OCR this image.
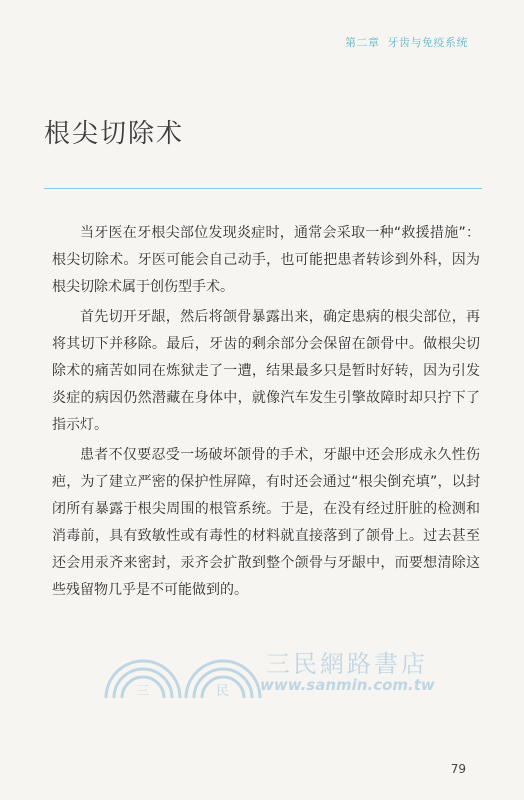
第二章 牙齿与免疫系统
根尖切除术

当牙医在牙根尖部位发现炎症时，通常会采取一种“救援措施”：根尖切除术。牙医可能会自己动手，也可能把患者转诊到外科，因为根尖切除术属于创伤型手术。

首先切开牙龈，然后将颌骨暴露出来，确定患病的根尖部位，再将其切下并移除。最后，牙齿的剩余部分会保留在颌骨中。做根尖切除术的痛苦如同在炼狱走了一遭，结果最多只是暂时好转，因为引发炎症的病因仍然潜藏在身体中，就像汽车发生引擎故障时却只拧下了指示灯。

患者不仅要忍受一场破坏颌骨的手术，牙龈中还会形成永久性伤疤，为了建立严密的保护性屏障，有时还会通过“根尖倒充填”，以封闭所有暴露于根尖周围的根管系统。于是，在没有经过肝脏的检测和消毒前，具有致敏性或有毒性的材料就直接落到了颌骨上。过去甚至还会用汞齐来密封，汞齐会扩散到整个颌骨与牙龈中，而要想清除这些残留物几乎是不可能做到的。

三	民
三民網路書店
www.sanmin.com.tw
79
